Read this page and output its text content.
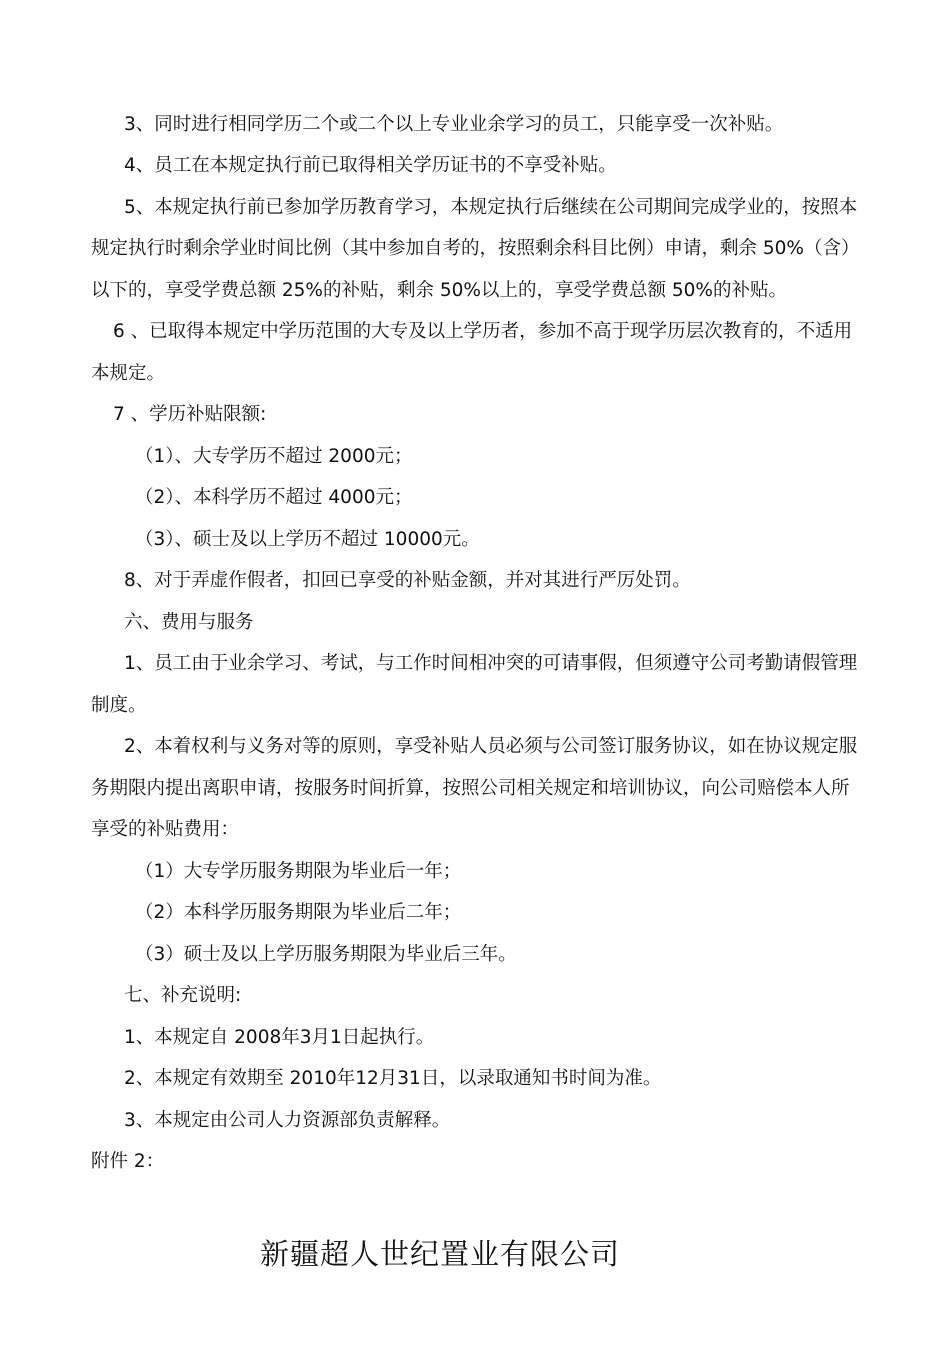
3、同时进行相同学历二个或二个以上专业业余学习的员工，只能享受一次补贴。
4、员工在本规定执行前已取得相关学历证书的不享受补贴。
5、本规定执行前已参加学历教育学习，本规定执行后继续在公司期间完成学业的，按照本
规定执行时剩余学业时间比例（其中参加自考的，按照剩余科目比例）申请，剩余 50%（含）
以下的，享受学费总额 25%的补贴，剩余 50%以上的，享受学费总额 50%的补贴。
6 、已取得本规定中学历范围的大专及以上学历者，参加不高于现学历层次教育的，不适用
本规定。
7 、学历补贴限额:
（1）、大专学历不超过 2000元；
（2）、本科学历不超过 4000元；
（3）、硕士及以上学历不超过 10000元。
8、对于弄虚作假者，扣回已享受的补贴金额，并对其进行严厉处罚。
六、费用与服务
1、员工由于业余学习、考试，与工作时间相冲突的可请事假，但须遵守公司考勤请假管理
制度。
2、本着权利与义务对等的原则，享受补贴人员必须与公司签订服务协议，如在协议规定服
务期限内提出离职申请，按服务时间折算，按照公司相关规定和培训协议，向公司赔偿本人所
享受的补贴费用：
（1）大专学历服务期限为毕业后一年；
（2）本科学历服务期限为毕业后二年；
（3）硕士及以上学历服务期限为毕业后三年。
七、补充说明:
1、本规定自 2008年3月1日起执行。
2、本规定有效期至 2010年12月31日，以录取通知书时间为准。
3、本规定由公司人力资源部负责解释。
附件 2：
新疆超人世纪置业有限公司
